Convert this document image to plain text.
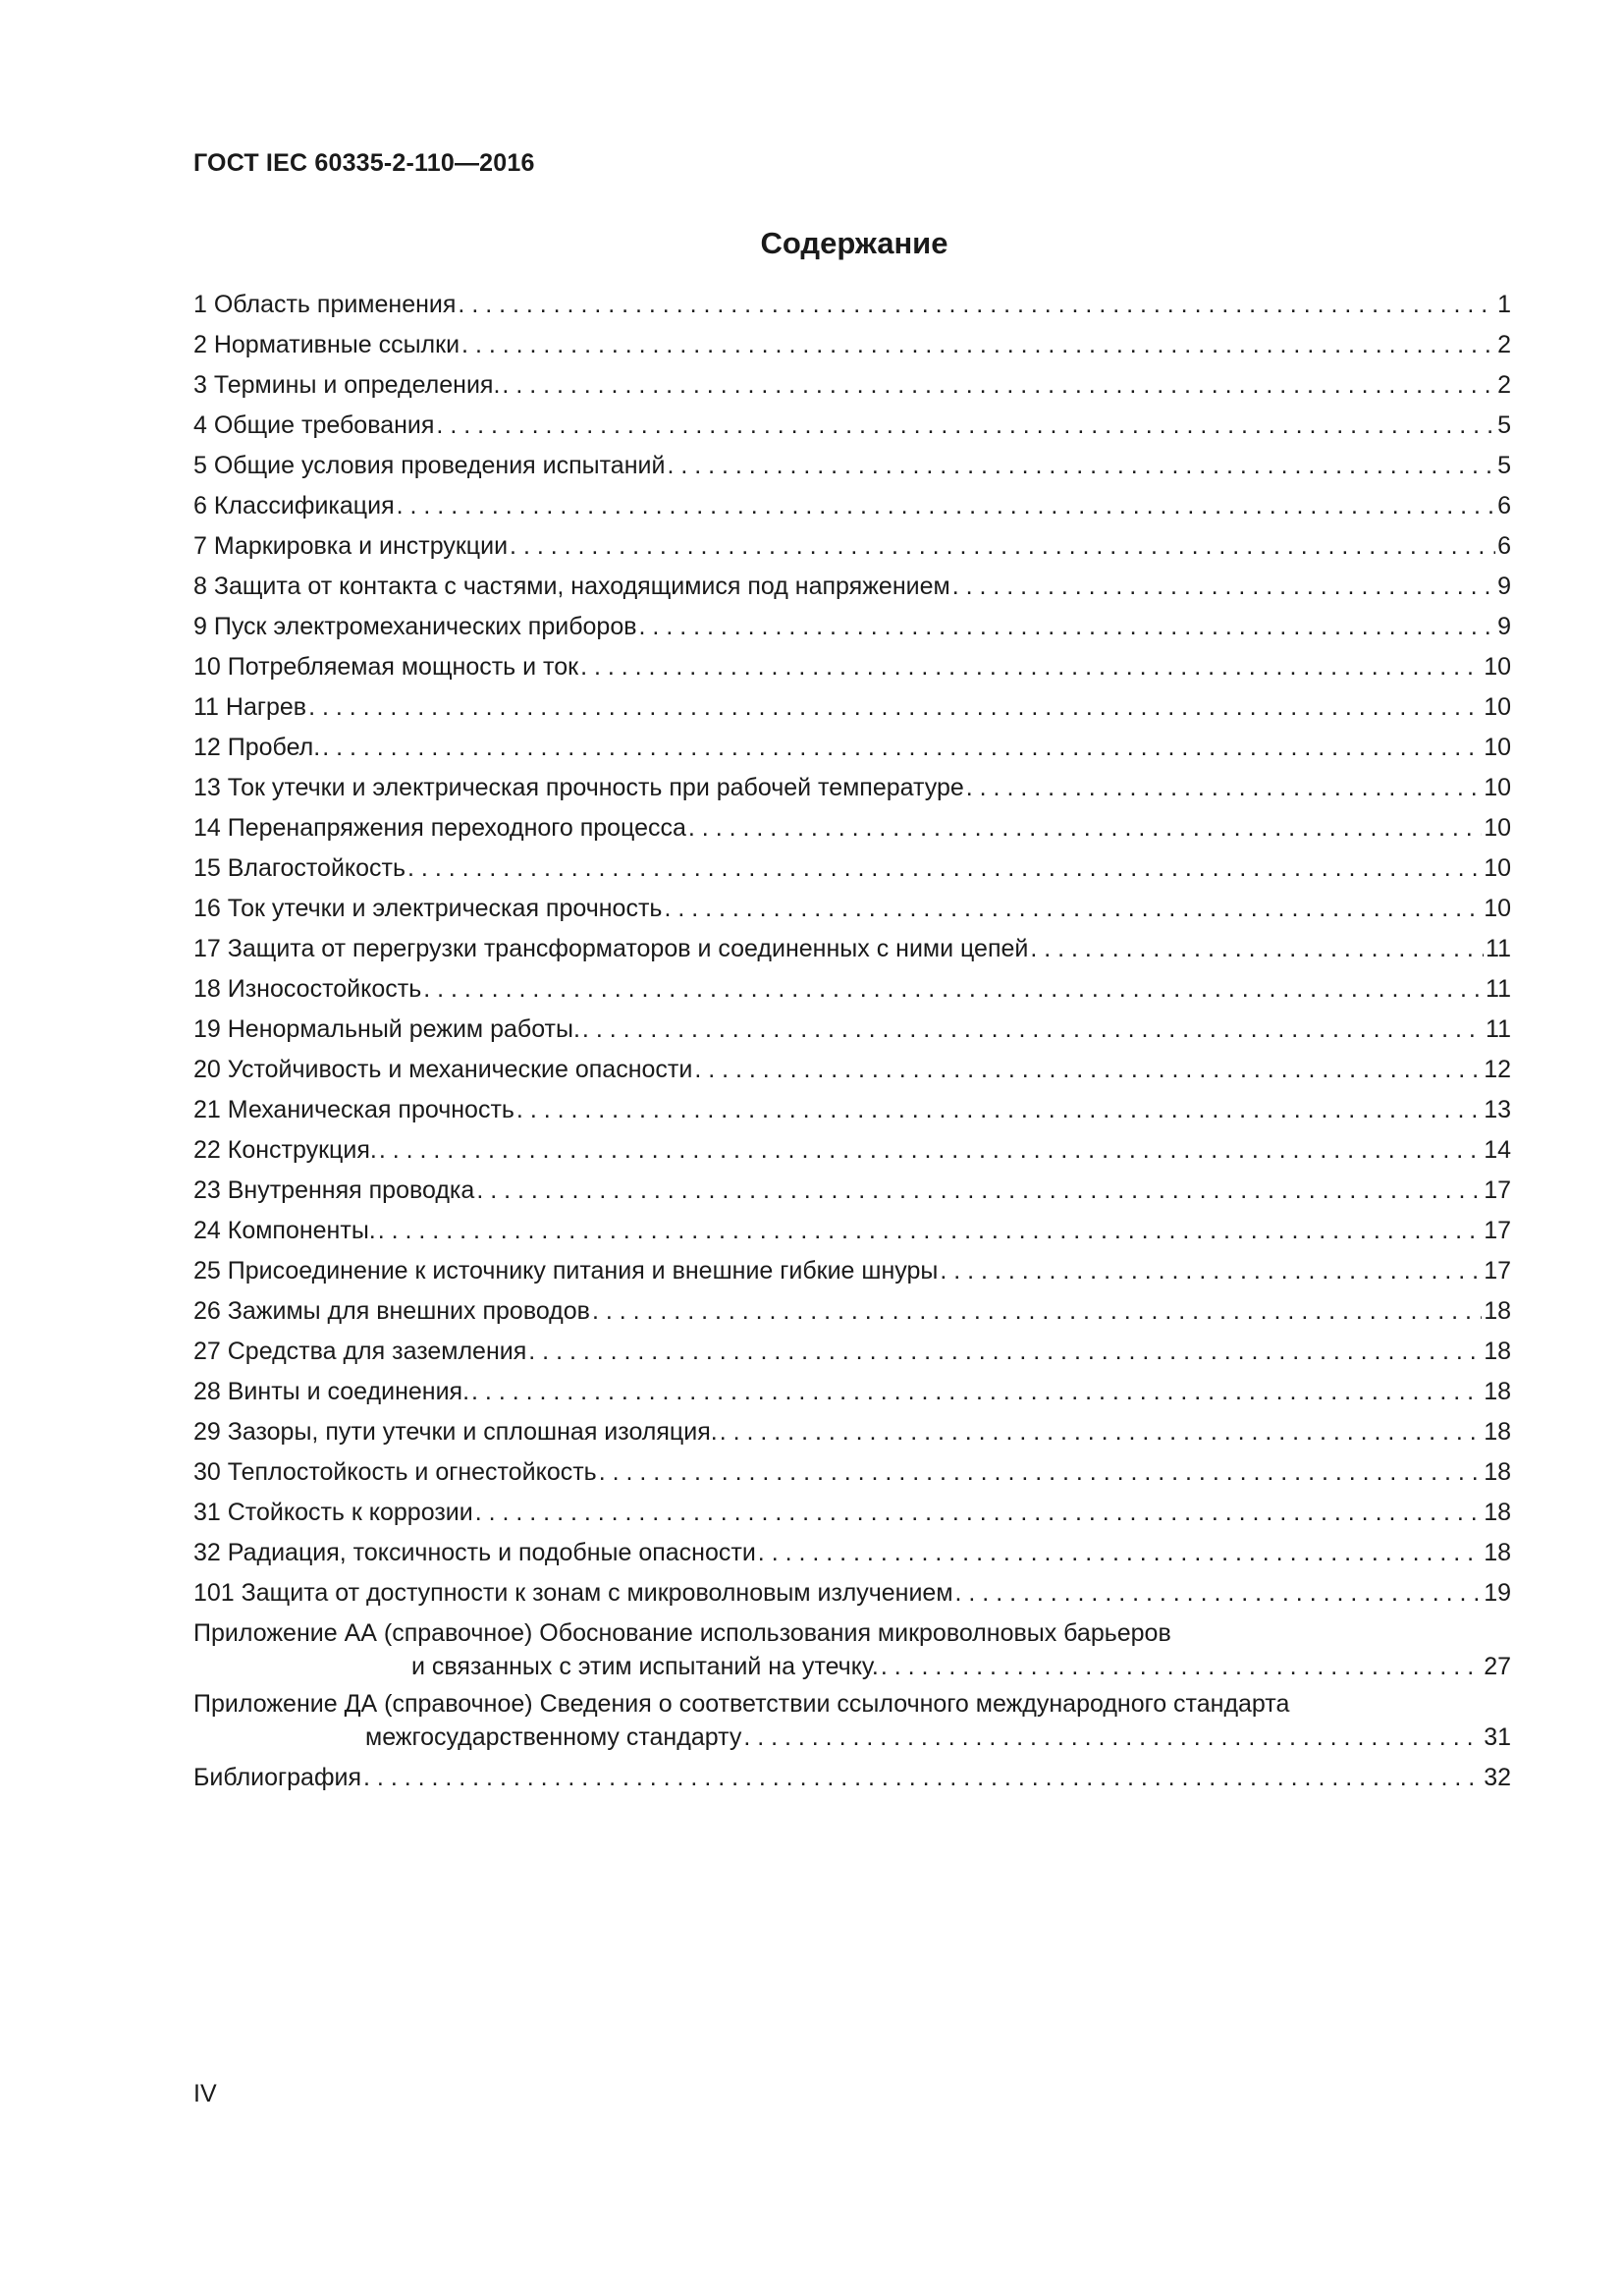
ГОСТ IEC 60335-2-110—2016
Содержание
1 Область применения . . .	1
2 Нормативные ссылки . . .	2
3 Термины и определения. . . .	2
4 Общие требования . . .	5
5 Общие условия проведения испытаний . . .	5
6 Классификация . . .	6
7 Маркировка и инструкции . . .	6
8 Защита от контакта с частями, находящимися под напряжением . . .	9
9 Пуск электромеханических приборов . . .	9
10 Потребляемая мощность и ток . . .	10
11 Нагрев . . .	10
12 Пробел. . . .	10
13 Ток утечки и электрическая прочность при рабочей температуре . . .	10
14 Перенапряжения переходного процесса . . .	10
15 Влагостойкость . . .	10
16 Ток утечки и электрическая прочность . . .	10
17 Защита от перегрузки трансформаторов и соединенных с ними цепей . . .	11
18 Износостойкость . . .	11
19 Ненормальный режим работы. . . .	11
20 Устойчивость и механические опасности . . .	12
21 Механическая прочность . . .	13
22 Конструкция. . . .	14
23 Внутренняя проводка . . .	17
24 Компоненты. . . .	17
25 Присоединение к источнику питания и внешние гибкие шнуры . . .	17
26 Зажимы для внешних проводов . . .	18
27 Средства для заземления . . .	18
28 Винты и соединения. . . .	18
29 Зазоры, пути утечки и сплошная изоляция. . . .	18
30 Теплостойкость и огнестойкость . . .	18
31 Стойкость к коррозии . . .	18
32 Радиация, токсичность и подобные опасности . . .	18
101 Защита от доступности к зонам с микроволновым излучением . . .	19
Приложение АА (справочное) Обоснование использования микроволновых барьеров
и связанных с этим испытаний на утечку. . . .	27
Приложение ДА (справочное) Сведения о соответствии ссылочного международного стандарта
межгосударственному стандарту . . .	31
Библиография . . .	32
IV
